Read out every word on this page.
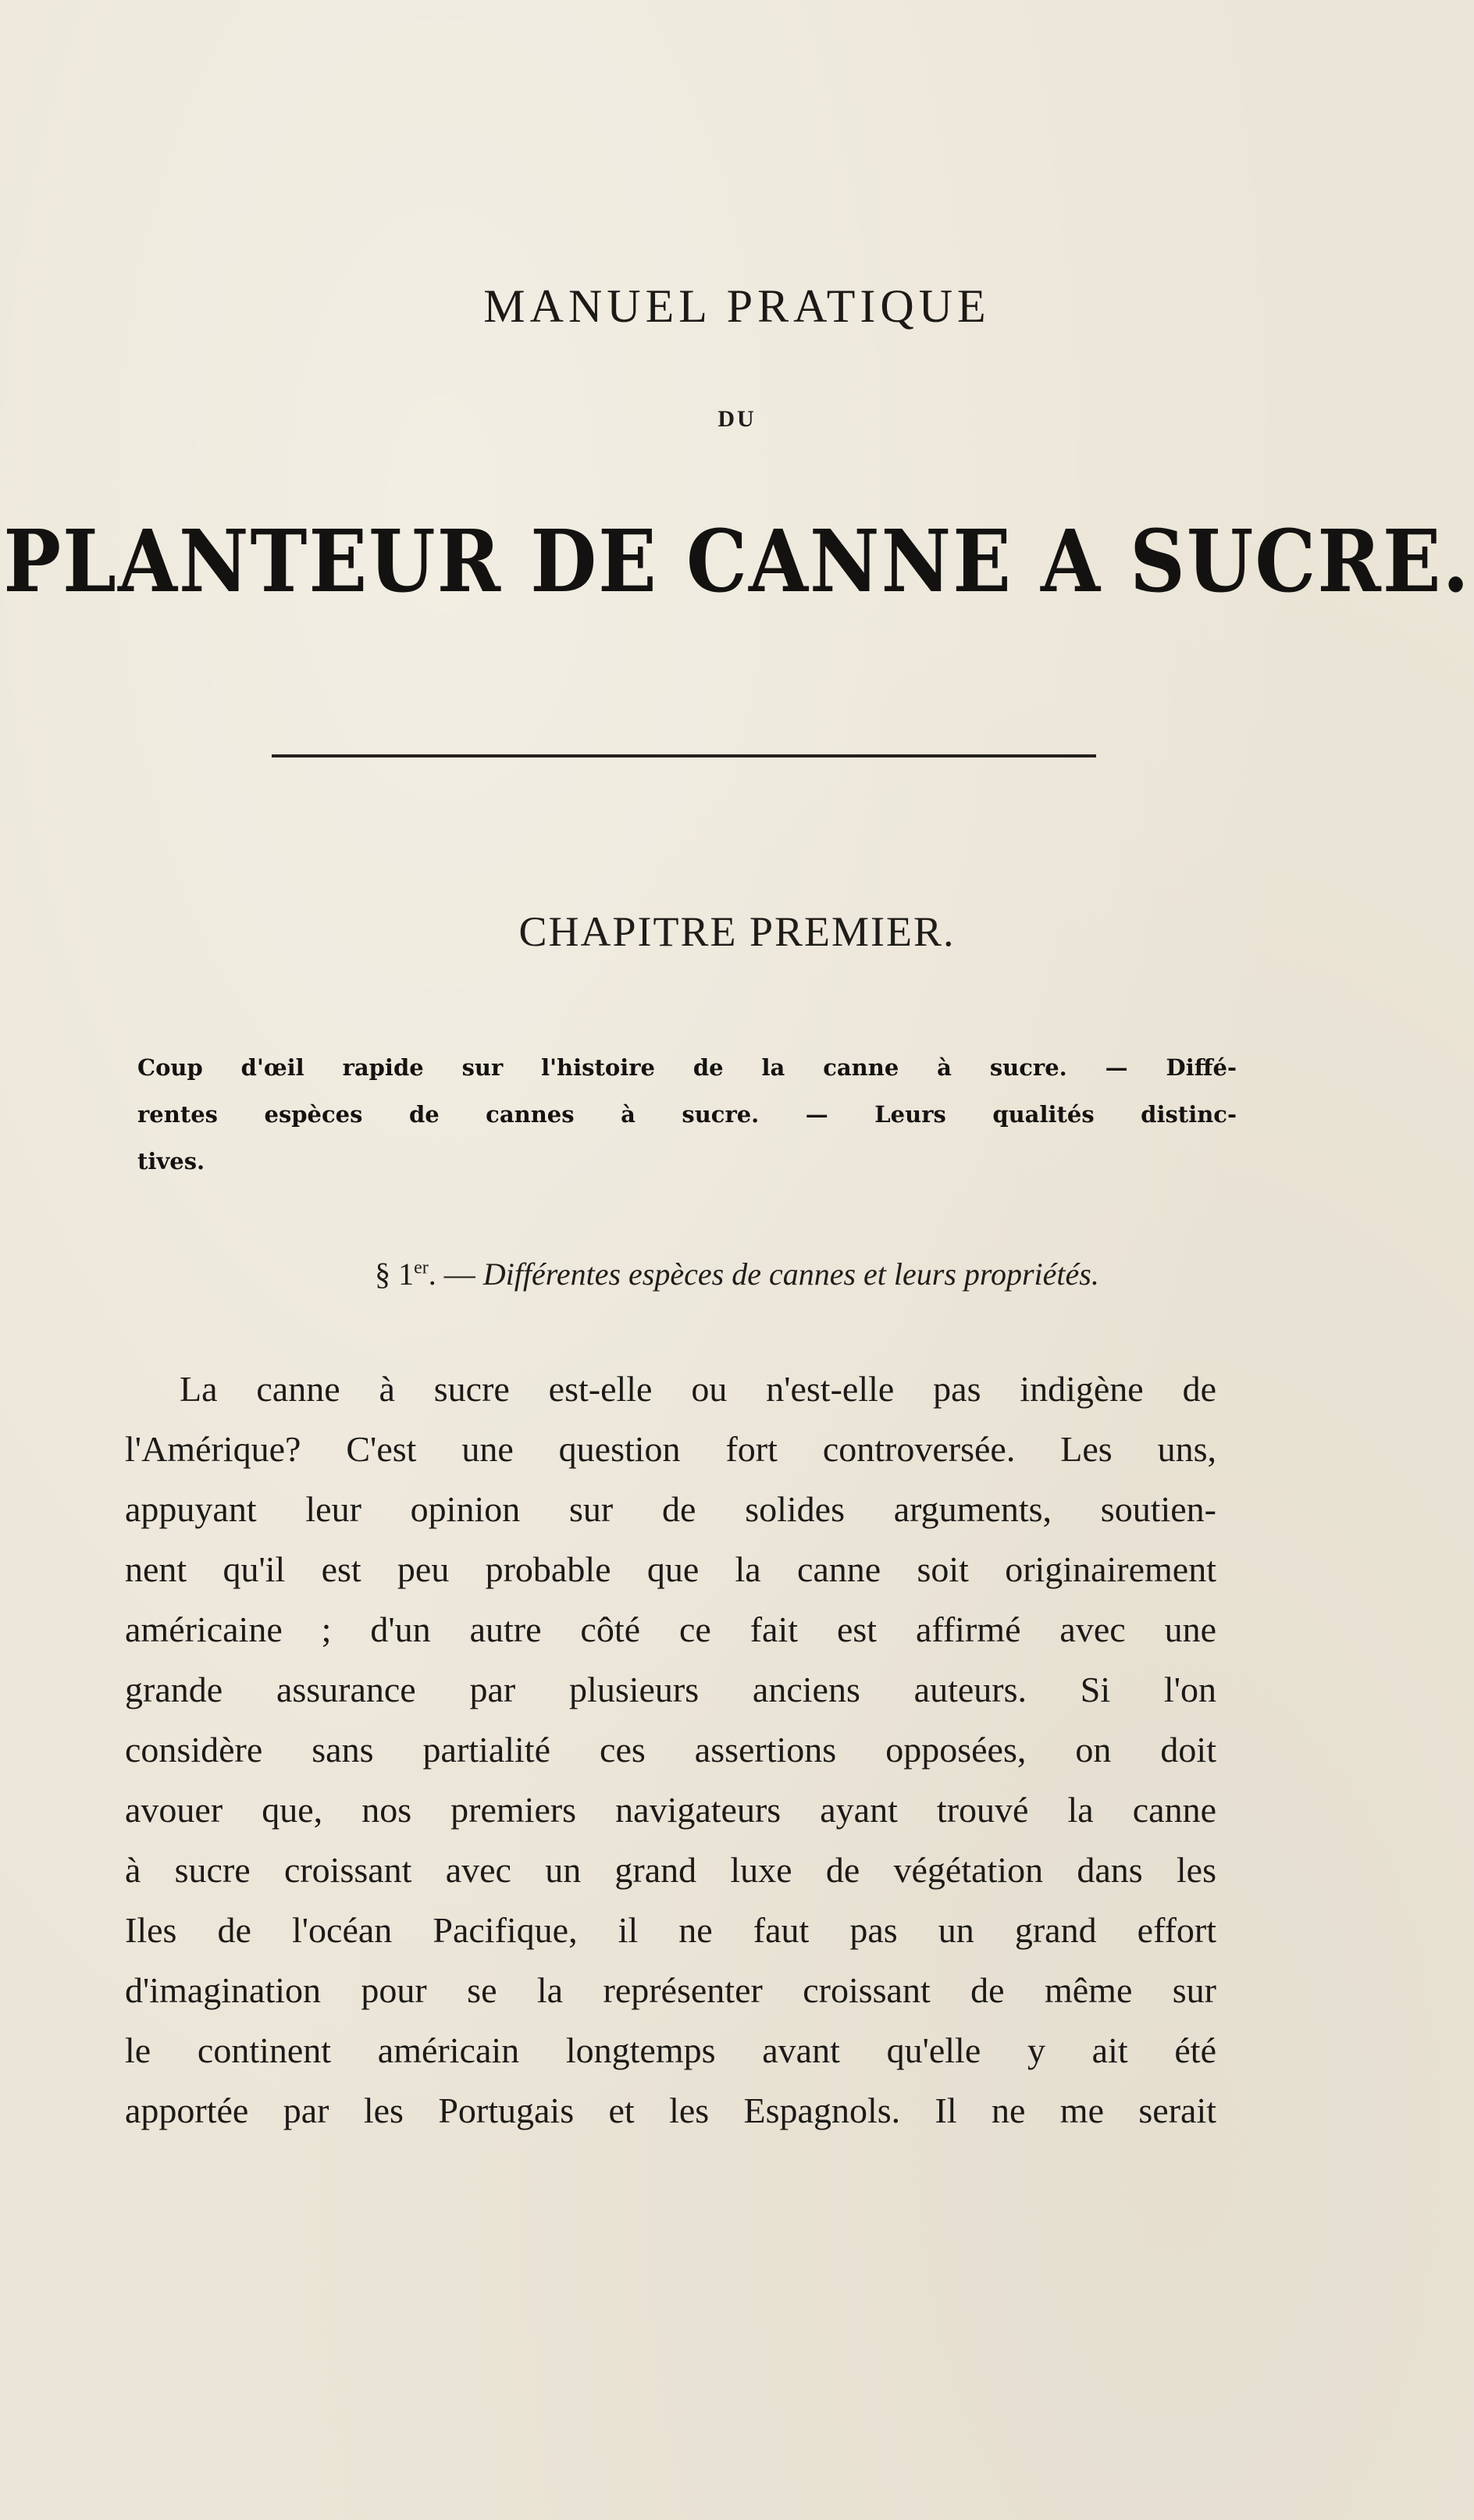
MANUEL PRATIQUE
DU
PLANTEUR DE CANNE A SUCRE.
CHAPITRE PREMIER.
Coup d'œil rapide sur l'histoire de la canne à sucre. — Diffé-
rentes espèces de cannes à sucre. — Leurs qualités distinc-
tives.
§ 1er. — Différentes espèces de cannes et leurs propriétés.
La canne à sucre est-elle ou n'est-elle pas indigène de
l'Amérique? C'est une question fort controversée. Les uns,
appuyant leur opinion sur de solides arguments, soutien-
nent qu'il est peu probable que la canne soit originairement
américaine ; d'un autre côté ce fait est affirmé avec une
grande assurance par plusieurs anciens auteurs. Si l'on
considère sans partialité ces assertions opposées, on doit
avouer que, nos premiers navigateurs ayant trouvé la canne
à sucre croissant avec un grand luxe de végétation dans les
Iles de l'océan Pacifique, il ne faut pas un grand effort
d'imagination pour se la représenter croissant de même sur
le continent américain longtemps avant qu'elle y ait été
apportée par les Portugais et les Espagnols. Il ne me serait
